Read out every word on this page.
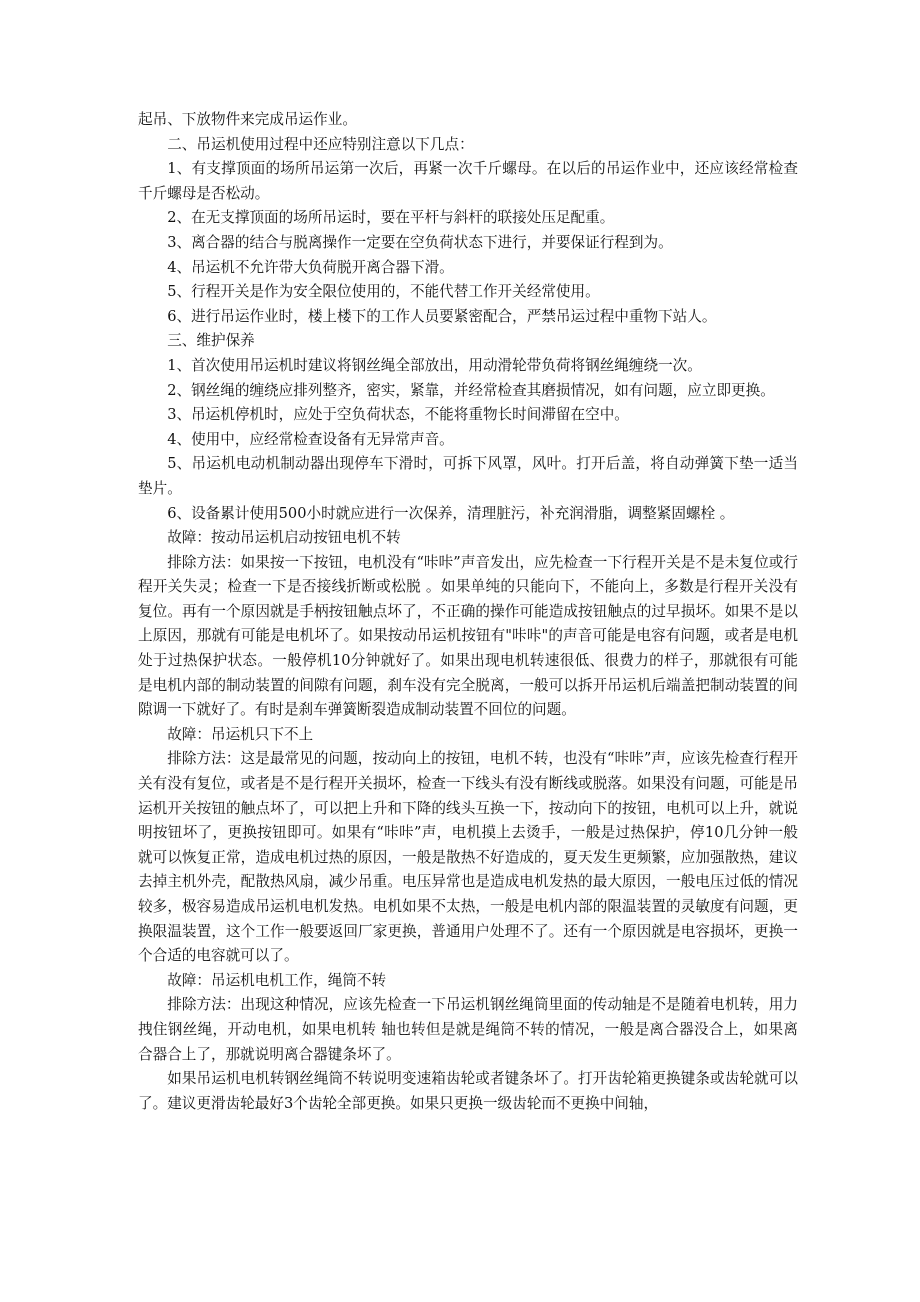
起吊、下放物件来完成吊运作业。

二、吊运机使用过程中还应特别注意以下几点：

1、有支撑顶面的场所吊运第一次后，再紧一次千斤螺母。在以后的吊运作业中，还应该经常检查千斤螺母是否松动。

2、在无支撑顶面的场所吊运时，要在平杆与斜杆的联接处压足配重。

3、离合器的结合与脱离操作一定要在空负荷状态下进行，并要保证行程到为。

4、吊运机不允许带大负荷脱开离合器下滑。

5、行程开关是作为安全限位使用的，不能代替工作开关经常使用。

6、进行吊运作业时，楼上楼下的工作人员要紧密配合，严禁吊运过程中重物下站人。

三、维护保养

1、首次使用吊运机时建议将钢丝绳全部放出，用动滑轮带负荷将钢丝绳缠绕一次。

2、钢丝绳的缠绕应排列整齐，密实，紧靠，并经常检查其磨损情况，如有问题，应立即更换。

3、吊运机停机时，应处于空负荷状态，不能将重物长时间滞留在空中。

4、使用中，应经常检查设备有无异常声音。

5、吊运机电动机制动器出现停车下滑时，可拆下风罩，风叶。打开后盖，将自动弹簧下垫一适当垫片。

6、设备累计使用500小时就应进行一次保养，清理脏污，补充润滑脂，调整紧固螺栓 。

故障：按动吊运机启动按钮电机不转

排除方法：如果按一下按钮，电机没有“咔咔”声音发出，应先检查一下行程开关是不是未复位或行程开关失灵；检查一下是否接线折断或松脱 。如果单纯的只能向下，不能向上，多数是行程开关没有复位。再有一个原因就是手柄按钮触点坏了，不正确的操作可能造成按钮触点的过早损坏。如果不是以上原因，那就有可能是电机坏了。如果按动吊运机按钮有"咔咔"的声音可能是电容有问题，或者是电机处于过热保护状态。一般停机10分钟就好了。如果出现电机转速很低、很费力的样子，那就很有可能是电机内部的制动装置的间隙有问题，刹车没有完全脱离，一般可以拆开吊运机后端盖把制动装置的间隙调一下就好了。有时是刹车弹簧断裂造成制动装置不回位的问题。

故障：吊运机只下不上

排除方法：这是最常见的问题，按动向上的按钮，电机不转，也没有“咔咔”声，应该先检查行程开关有没有复位，或者是不是行程开关损坏，检查一下线头有没有断线或脱落。如果没有问题，可能是吊运机开关按钮的触点坏了，可以把上升和下降的线头互换一下，按动向下的按钮，电机可以上升，就说明按钮坏了，更换按钮即可。如果有“咔咔”声，电机摸上去烫手，一般是过热保护，停10几分钟一般就可以恢复正常，造成电机过热的原因，一般是散热不好造成的，夏天发生更频繁，应加强散热，建议去掉主机外壳，配散热风扇，减少吊重。电压异常也是造成电机发热的最大原因，一般电压过低的情况较多，极容易造成吊运机电机发热。电机如果不太热，一般是电机内部的限温装置的灵敏度有问题，更换限温装置，这个工作一般要返回厂家更换，普通用户处理不了。还有一个原因就是电容损坏，更换一个合适的电容就可以了。

故障：吊运机电机工作，绳筒不转

排除方法：出现这种情况，应该先检查一下吊运机钢丝绳筒里面的传动轴是不是随着电机转，用力拽住钢丝绳，开动电机，如果电机转 轴也转但是就是绳筒不转的情况，一般是离合器没合上，如果离合器合上了，那就说明离合器键条坏了。

如果吊运机电机转钢丝绳筒不转说明变速箱齿轮或者键条坏了。打开齿轮箱更换键条或齿轮就可以了。建议更滑齿轮最好3个齿轮全部更换。如果只更换一级齿轮而不更换中间轴，
